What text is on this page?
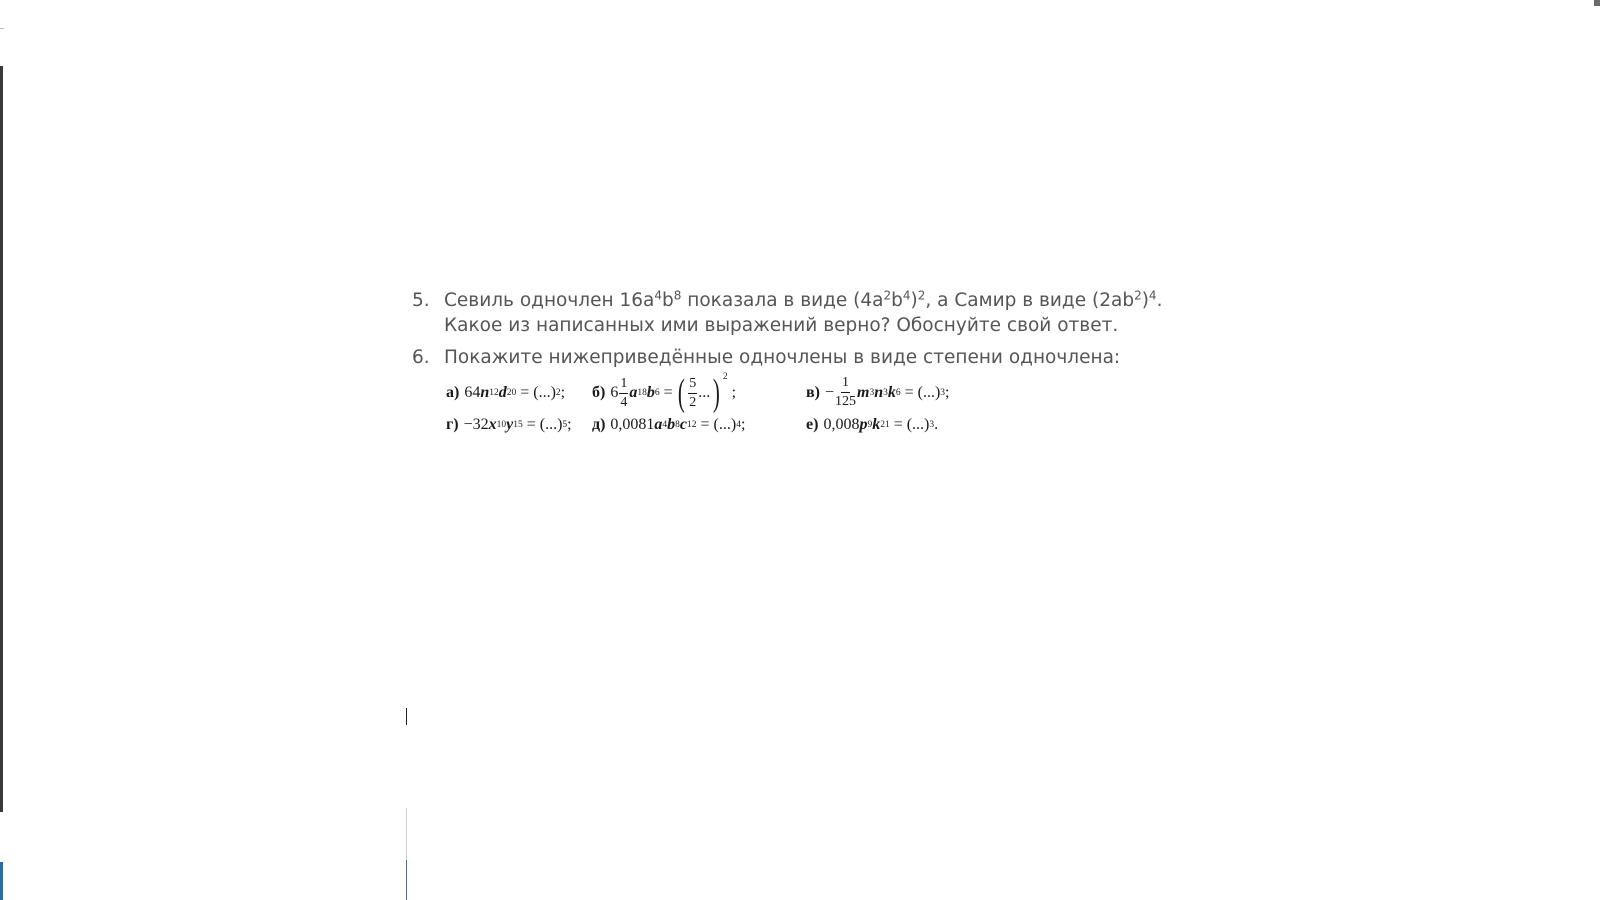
5. Севиль одночлен $16a^4b^8$ показала в виде $(4a^2b^4)^2$, а Самир в виде $(2ab^2)^4$.
Какое из написанных ими выражений верно? Обоснуйте свой ответ.
6. Покажите нижеприведённые одночлены в виде степени одночлена:
а) 64 n 12 d 20 = (...) 2 ; б) $6 \frac{1}{4}$ a 18 b 6 = ( $\frac{5}{2}$ ... ) 2
;	$в) - \frac{1}{125}$ m 3 n 3 k 6 = (...) 3 ;
г) −32 x 10 y 15 = (...) 5 ; д) 0,0081 a 4 b 8 c 12 = (...) 4 ;	е) 0,008 p 9 k 21 = (...) 3 .
